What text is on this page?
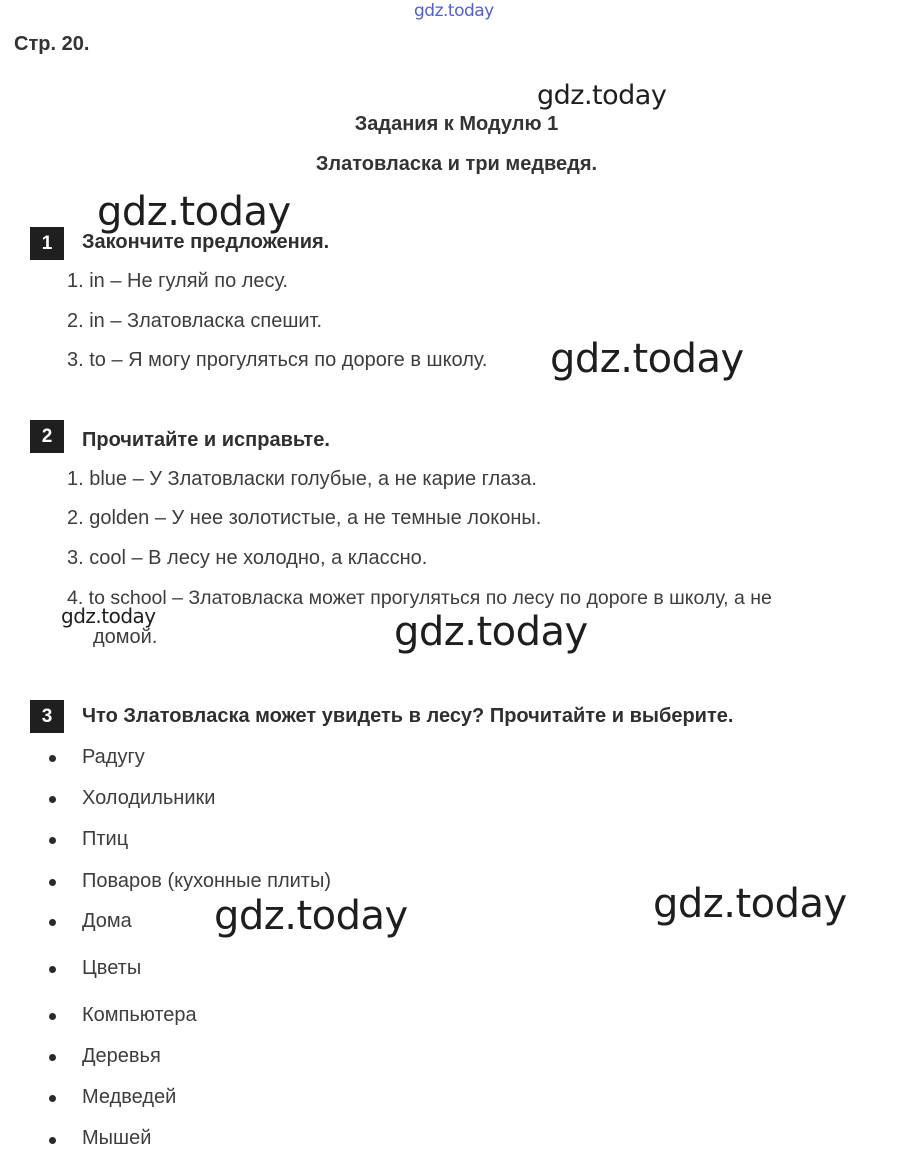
Стр. 20.
Задания к Модулю 1
Златовласка и три медведя.
1 Закончите предложения.
1. in – Не гуляй по лесу.
2. in – Златовласка спешит.
3. to – Я могу прогуляться по дороге в школу.
2 Прочитайте и исправьте.
1. blue – У Златовласки голубые, а не карие глаза.
2. golden – У нее золотистые, а не темные локоны.
3. cool – В лесу не холодно, а классно.
4. to school – Златовласка может прогуляться по лесу по дороге в школу, а не
домой.
3 Что Златовласка может увидеть в лесу? Прочитайте и выберите.
Радугу
Холодильники
Птиц
Поваров (кухонные плиты)
Дома
Цветы
Компьютера
Деревья
Медведей
Мышей
gdz.today
gdz.today
gdz.today
gdz.today
gdz.today	gdz.today
gdz.today	gdz.today
